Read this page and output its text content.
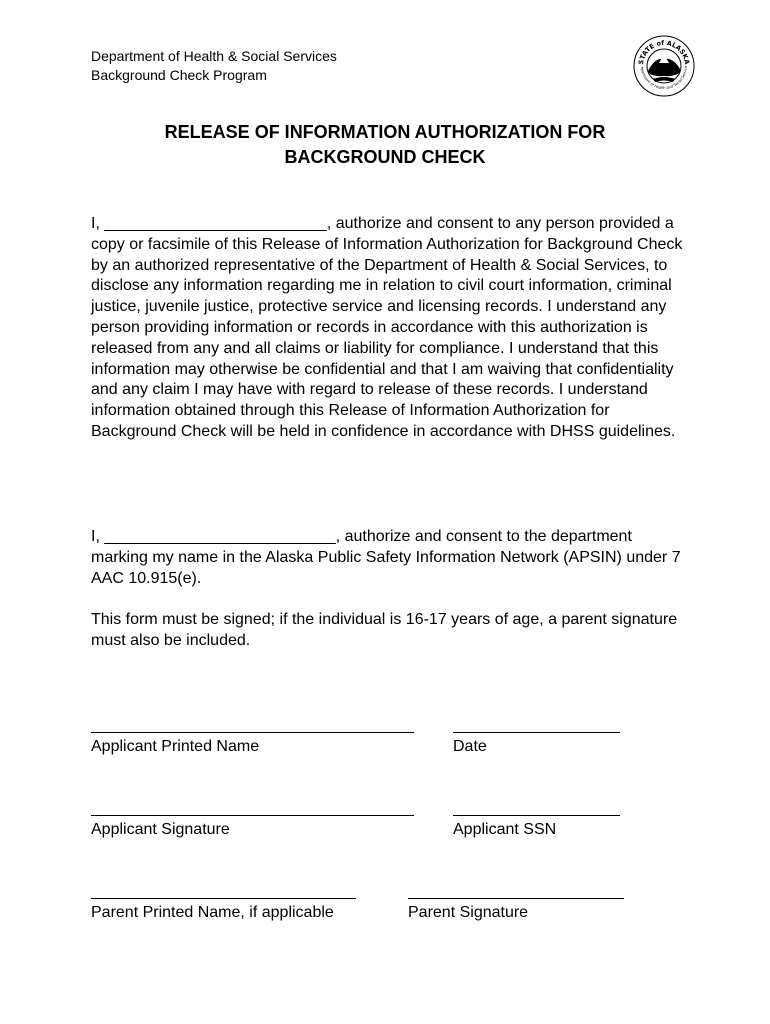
Department of Health & Social Services
Background Check Program
STATE of ALASKA
epartment of Health and Social Service
RELEASE OF INFORMATION AUTHORIZATION FOR
BACKGROUND CHECK

I, _________________________, authorize and consent to any person provided a copy or facsimile of this Release of Information Authorization for Background Check by an authorized representative of the Department of Health & Social Services, to disclose any information regarding me in relation to civil court information, criminal justice, juvenile justice, protective service and licensing records. I understand any person providing information or records in accordance with this authorization is released from any and all claims or liability for compliance. I understand that this information may otherwise be confidential and that I am waiving that confidentiality and any claim I may have with regard to release of these records. I understand information obtained through this Release of Information Authorization for Background Check will be held in confidence in accordance with DHSS guidelines.

I, __________________________, authorize and consent to the department marking my name in the Alaska Public Safety Information Network (APSIN) under 7 AAC 10.915(e).

This form must be signed; if the individual is 16-17 years of age, a parent signature must also be included.

Applicant Printed Name	Date
Applicant Signature	Applicant SSN
Parent Printed Name, if applicable	Parent Signature
